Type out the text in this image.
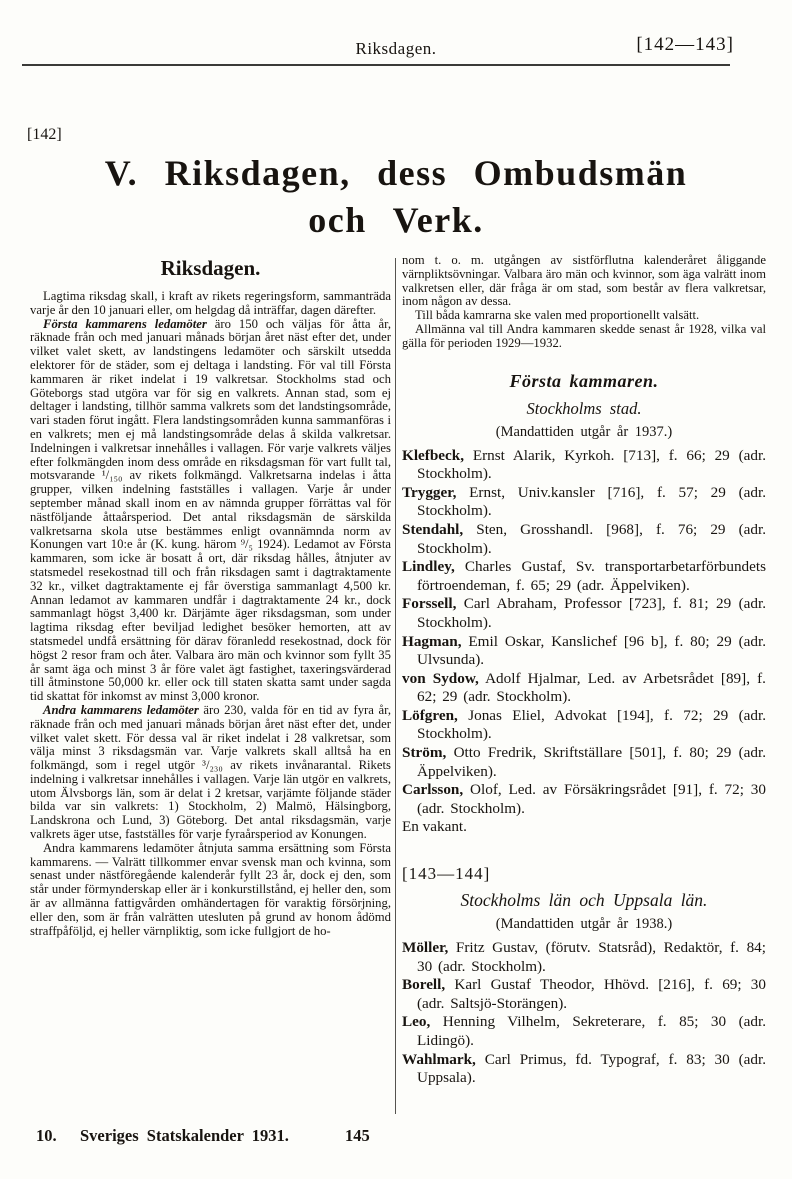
Riksdagen.	[142—143]
[142]
V. Riksdagen, dess Ombudsmän
och Verk.
Riksdagen.

Lagtima riksdag skall, i kraft av rikets regeringsform, sammanträda varje år den 10 januari eller, om helgdag då inträffar, dagen därefter.

Första kammarens ledamöter äro 150 och väljas för åtta år, räknade från och med januari månads början året näst efter det, under vilket valet skett, av landstingens ledamöter och särskilt utsedda elektorer för de städer, som ej deltaga i landsting. För val till Första kammaren är riket indelat i 19 valkretsar. Stockholms stad och Göteborgs stad utgöra var för sig en valkrets. Annan stad, som ej deltager i landsting, tillhör samma valkrets som det landstingsområde, vari staden förut ingått. Flera landstingsområden kunna sammanföras i en valkrets; men ej må landstingsområde delas å skilda valkretsar. Indelningen i valkretsar innehålles i vallagen. För varje valkrets väljes efter folkmängden inom dess område en riksdagsman för vart fullt tal, motsvarande ¹/₁₅₀ av rikets folkmängd. Valkretsarna indelas i åtta grupper, vilken indelning fastställes i vallagen. Varje år under september månad skall inom en av nämnda grupper förrättas val för nästföljande åttaårsperiod. Det antal riksdagsmän de särskilda valkretsarna skola utse bestämmes enligt ovannämnda norm av Konungen vart 10:e år (K. kung. härom ⁹/₅ 1924). Ledamot av Första kammaren, som icke är bosatt å ort, där riksdag hålles, åtnjuter av statsmedel resekostnad till och från riksdagen samt i dagtraktamente 32 kr., vilket dagtraktamente ej får överstiga sammanlagt 4,500 kr. Annan ledamot av kammaren undfår i dagtraktamente 24 kr., dock sammanlagt högst 3,400 kr. Därjämte äger riksdagsman, som under lagtima riksdag efter beviljad ledighet besöker hemorten, att av statsmedel undfå ersättning för därav föranledd resekostnad, dock för högst 2 resor fram och åter. Valbara äro män och kvinnor som fyllt 35 år samt äga och minst 3 år före valet ägt fastighet, taxeringsvärderad till åtminstone 50,000 kr. eller ock till staten skatta samt under sagda tid skattat för inkomst av minst 3,000 kronor.

Andra kammarens ledamöter äro 230, valda för en tid av fyra år, räknade från och med januari månads början året näst efter det, under vilket valet skett. För dessa val är riket indelat i 28 valkretsar, som välja minst 3 riksdagsmän var. Varje valkrets skall alltså ha en folkmängd, som i regel utgör ³/₂₃₀ av rikets invånarantal. Rikets indelning i valkretsar innehålles i vallagen. Varje län utgör en valkrets, utom Älvsborgs län, som är delat i 2 kretsar, varjämte följande städer bilda var sin valkrets: 1) Stockholm, 2) Malmö, Hälsingborg, Landskrona och Lund, 3) Göteborg. Det antal riksdagsmän, varje valkrets äger utse, fastställes för varje fyraårsperiod av Konungen.

Andra kammarens ledamöter åtnjuta samma ersättning som Första kammarens. — Valrätt tillkommer envar svensk man och kvinna, som senast under nästföregående kalenderår fyllt 23 år, dock ej den, som står under förmynderskap eller är i konkurstillstånd, ej heller den, som är av allmänna fattigvården omhändertagen för varaktig försörjning, eller den, som är från valrätten utesluten på grund av honom ådömd straffpåföljd, ej heller värnpliktig, som icke fullgjort de ho-

nom t. o. m. utgången av sistförflutna kalenderåret åliggande värnpliktsövningar. Valbara äro män och kvinnor, som äga valrätt inom valkretsen eller, där fråga är om stad, som består av flera valkretsar, inom någon av dessa.

Till båda kamrarna ske valen med proportionellt valsätt.

Allmänna val till Andra kammaren skedde senast år 1928, vilka val gälla för perioden 1929—1932.

Första kammaren.
Stockholms stad.
(Mandattiden utgår år 1937.)

Klefbeck, Ernst Alarik, Kyrkoh. [713], f. 66; 29 (adr. Stockholm).

Trygger, Ernst, Univ.kansler [716], f. 57; 29 (adr. Stockholm).

Stendahl, Sten, Grosshandl. [968], f. 76; 29 (adr. Stockholm).

Lindley, Charles Gustaf, Sv. transportarbetarförbundets förtroendeman, f. 65; 29 (adr. Äppelviken).

Forssell, Carl Abraham, Professor [723], f. 81; 29 (adr. Stockholm).

Hagman, Emil Oskar, Kanslichef [96 b], f. 80; 29 (adr. Ulvsunda).

von Sydow, Adolf Hjalmar, Led. av Arbetsrådet [89], f. 62; 29 (adr. Stockholm).

Löfgren, Jonas Eliel, Advokat [194], f. 72; 29 (adr. Stockholm).

Ström, Otto Fredrik, Skriftställare [501], f. 80; 29 (adr. Äppelviken).

Carlsson, Olof, Led. av Försäkringsrådet [91], f. 72; 30 (adr. Stockholm).

En vakant.

[143—144]
Stockholms län och Uppsala län.
(Mandattiden utgår år 1938.)

Möller, Fritz Gustav, (förutv. Statsråd), Redaktör, f. 84; 30 (adr. Stockholm).

Borell, Karl Gustaf Theodor, Hhövd. [216], f. 69; 30 (adr. Saltsjö-Storängen).

Leo, Henning Vilhelm, Sekreterare, f. 85; 30 (adr. Lidingö).

Wahlmark, Carl Primus, fd. Typograf, f. 83; 30 (adr. Uppsala).

10. Sveriges Statskalender 1931.	145
